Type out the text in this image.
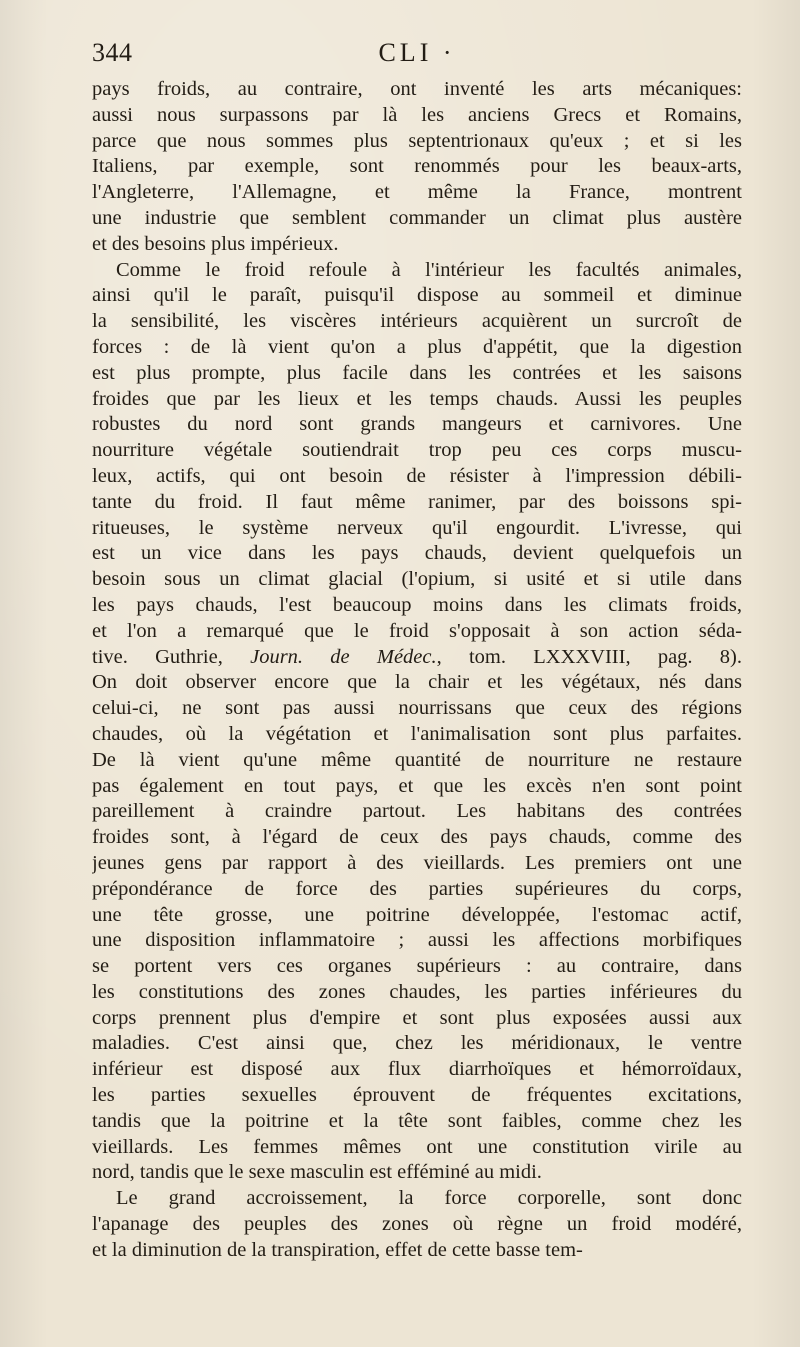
344	CLI ·
pays froids, au contraire, ont inventé les arts mécaniques:
aussi nous surpassons par là les anciens Grecs et Romains,
parce que nous sommes plus septentrionaux qu'eux ; et si les
Italiens, par exemple, sont renommés pour les beaux-arts,
l'Angleterre, l'Allemagne, et même la France, montrent
une industrie que semblent commander un climat plus austère
et des besoins plus impérieux.
Comme le froid refoule à l'intérieur les facultés animales,
ainsi qu'il le paraît, puisqu'il dispose au sommeil et diminue
la sensibilité, les viscères intérieurs acquièrent un surcroît de
forces : de là vient qu'on a plus d'appétit, que la digestion
est plus prompte, plus facile dans les contrées et les saisons
froides que par les lieux et les temps chauds. Aussi les peuples
robustes du nord sont grands mangeurs et carnivores. Une
nourriture végétale soutiendrait trop peu ces corps muscu-
leux, actifs, qui ont besoin de résister à l'impression débili-
tante du froid. Il faut même ranimer, par des boissons spi-
ritueuses, le système nerveux qu'il engourdit. L'ivresse, qui
est un vice dans les pays chauds, devient quelquefois un
besoin sous un climat glacial (l'opium, si usité et si utile dans
les pays chauds, l'est beaucoup moins dans les climats froids,
et l'on a remarqué que le froid s'opposait à son action séda-
tive. Guthrie, Journ. de Médec., tom. LXXXVIII, pag. 8).
On doit observer encore que la chair et les végétaux, nés dans
celui-ci, ne sont pas aussi nourrissans que ceux des régions
chaudes, où la végétation et l'animalisation sont plus parfaites.
De là vient qu'une même quantité de nourriture ne restaure
pas également en tout pays, et que les excès n'en sont point
pareillement à craindre partout. Les habitans des contrées
froides sont, à l'égard de ceux des pays chauds, comme des
jeunes gens par rapport à des vieillards. Les premiers ont une
prépondérance de force des parties supérieures du corps,
une tête grosse, une poitrine développée, l'estomac actif,
une disposition inflammatoire ; aussi les affections morbifiques
se portent vers ces organes supérieurs : au contraire, dans
les constitutions des zones chaudes, les parties inférieures du
corps prennent plus d'empire et sont plus exposées aussi aux
maladies. C'est ainsi que, chez les méridionaux, le ventre
inférieur est disposé aux flux diarrhoïques et hémorroïdaux,
les parties sexuelles éprouvent de fréquentes excitations,
tandis que la poitrine et la tête sont faibles, comme chez les
vieillards. Les femmes mêmes ont une constitution virile au
nord, tandis que le sexe masculin est efféminé au midi.
Le grand accroissement, la force corporelle, sont donc
l'apanage des peuples des zones où règne un froid modéré,
et la diminution de la transpiration, effet de cette basse tem-
